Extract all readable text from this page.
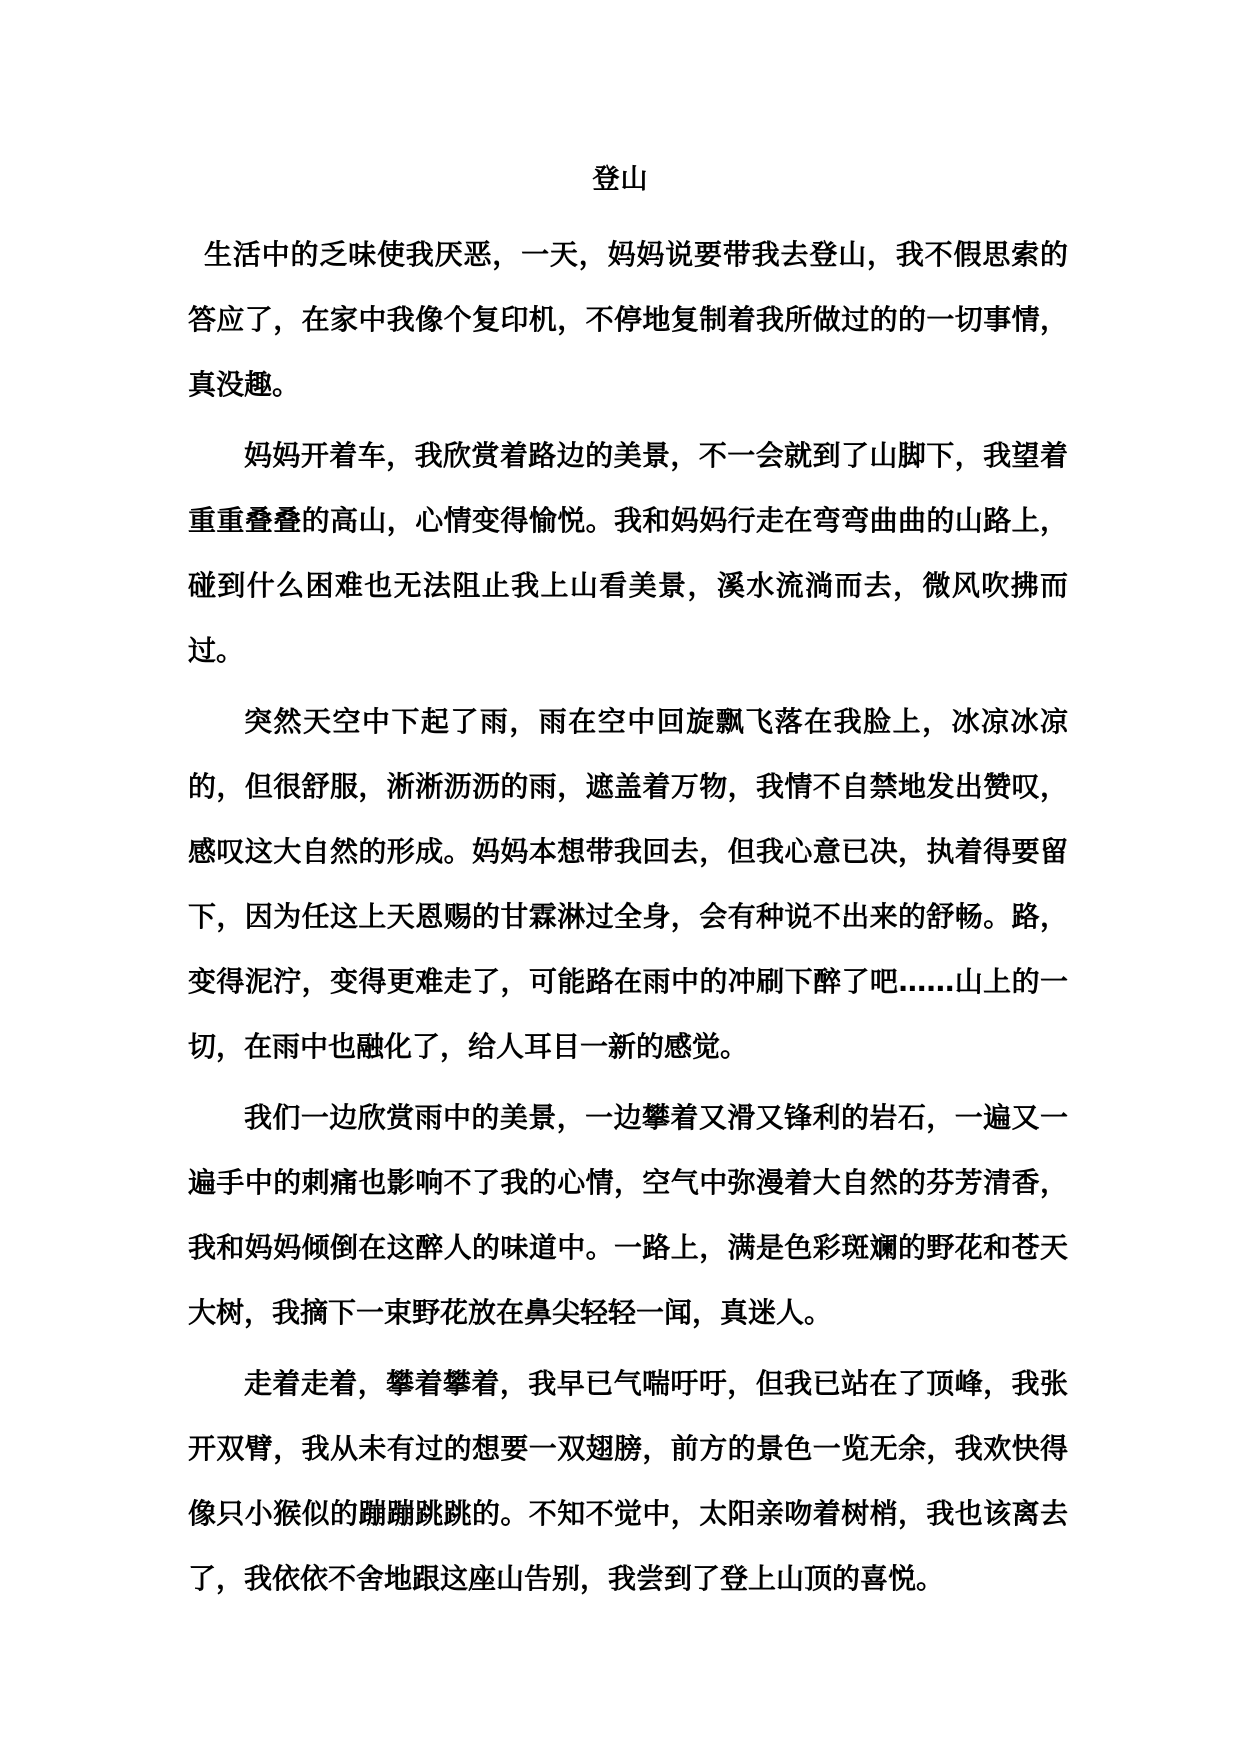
登山

生活中的乏味使我厌恶，一天，妈妈说要带我去登山，我不假思索的答应了，在家中我像个复印机，不停地复制着我所做过的的一切事情，真没趣。

妈妈开着车，我欣赏着路边的美景，不一会就到了山脚下，我望着重重叠叠的高山，心情变得愉悦。我和妈妈行走在弯弯曲曲的山路上，碰到什么困难也无法阻止我上山看美景，溪水流淌而去，微风吹拂而过。

突然天空中下起了雨，雨在空中回旋飘飞落在我脸上，冰凉冰凉的，但很舒服，淅淅沥沥的雨，遮盖着万物，我情不自禁地发出赞叹，感叹这大自然的形成。妈妈本想带我回去，但我心意已决，执着得要留下，因为任这上天恩赐的甘霖淋过全身，会有种说不出来的舒畅。路，变得泥泞，变得更难走了，可能路在雨中的冲刷下醉了吧……山上的一切，在雨中也融化了，给人耳目一新的感觉。

我们一边欣赏雨中的美景，一边攀着又滑又锋利的岩石，一遍又一遍手中的刺痛也影响不了我的心情，空气中弥漫着大自然的芬芳清香，我和妈妈倾倒在这醉人的味道中。一路上，满是色彩斑斓的野花和苍天大树，我摘下一束野花放在鼻尖轻轻一闻，真迷人。

走着走着，攀着攀着，我早已气喘吁吁，但我已站在了顶峰，我张开双臂，我从未有过的想要一双翅膀，前方的景色一览无余，我欢快得像只小猴似的蹦蹦跳跳的。不知不觉中，太阳亲吻着树梢，我也该离去了，我依依不舍地跟这座山告别，我尝到了登上山顶的喜悦。
